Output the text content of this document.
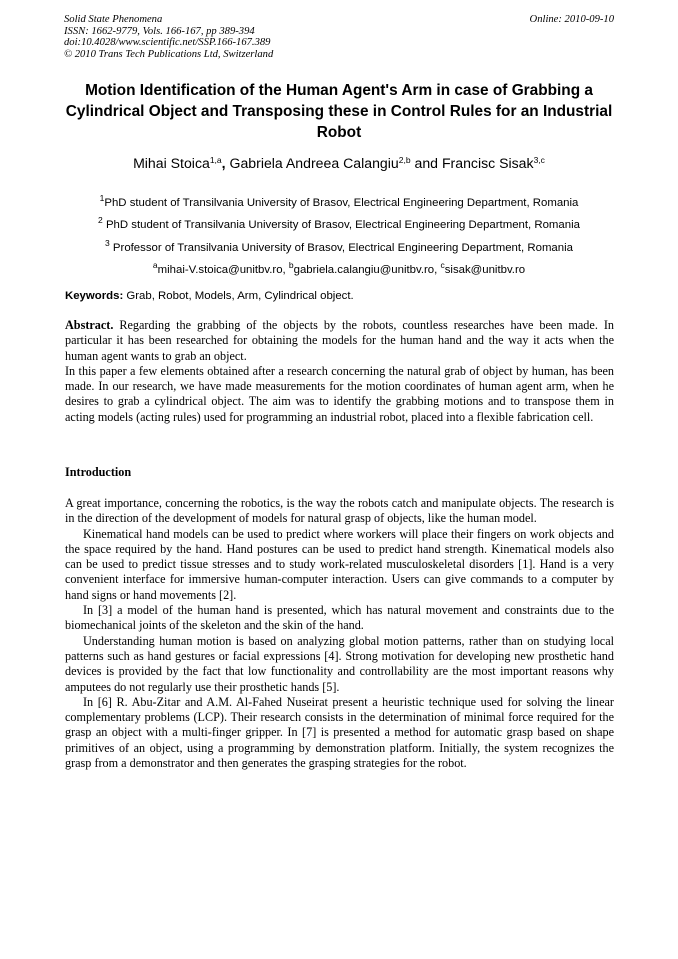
Solid State Phenomena
ISSN: 1662-9779, Vols. 166-167, pp 389-394
doi:10.4028/www.scientific.net/SSP.166-167.389
© 2010 Trans Tech Publications Ltd, Switzerland
Online: 2010-09-10
Motion Identification of the Human Agent's Arm in case of Grabbing a Cylindrical Object and Transposing these in Control Rules for an Industrial Robot
Mihai Stoica$^{1,a}$, Gabriela Andreea Calangiu$^{2,b}$ and Francisc Sisak$^{3,c}$
$^1$PhD student of Transilvania University of Brasov, Electrical Engineering Department, Romania
$^2$ PhD student of Transilvania University of Brasov, Electrical Engineering Department, Romania
$^3$ Professor of Transilvania University of Brasov, Electrical Engineering Department, Romania
$^a$mihai-V.stoica@unitbv.ro, $^b$gabriela.calangiu@unitbv.ro, $^c$sisak@unitbv.ro
Keywords: Grab, Robot, Models, Arm, Cylindrical object.

Abstract. Regarding the grabbing of the objects by the robots, countless researches have been made. In particular it has been researched for obtaining the models for the human hand and the way it acts when the human agent wants to grab an object.

In this paper a few elements obtained after a research concerning the natural grab of object by human, has been made. In our research, we have made measurements for the motion coordinates of human agent arm, when he desires to grab a cylindrical object. The aim was to identify the grabbing motions and to transpose them in acting models (acting rules) used for programming an industrial robot, placed into a flexible fabrication cell.

Introduction

A great importance, concerning the robotics, is the way the robots catch and manipulate objects. The research is in the direction of the development of models for natural grasp of objects, like the human model.

Kinematical hand models can be used to predict where workers will place their fingers on work objects and the space required by the hand. Hand postures can be used to predict hand strength. Kinematical models also can be used to predict tissue stresses and to study work-related musculoskeletal disorders [1]. Hand is a very convenient interface for immersive human-computer interaction. Users can give commands to a computer by hand signs or hand movements [2].

In [3] a model of the human hand is presented, which has natural movement and constraints due to the biomechanical joints of the skeleton and the skin of the hand.

Understanding human motion is based on analyzing global motion patterns, rather than on studying local patterns such as hand gestures or facial expressions [4]. Strong motivation for developing new prosthetic hand devices is provided by the fact that low functionality and controllability are the most important reasons why amputees do not regularly use their prosthetic hands [5].

In [6] R. Abu-Zitar and A.M. Al-Fahed Nuseirat present a heuristic technique used for solving the linear complementary problems (LCP). Their research consists in the determination of minimal force required for the grasp an object with a multi-finger gripper. In [7] is presented a method for automatic grasp based on shape primitives of an object, using a programming by demonstration platform. Initially, the system recognizes the grasp from a demonstrator and then generates the grasping strategies for the robot.
